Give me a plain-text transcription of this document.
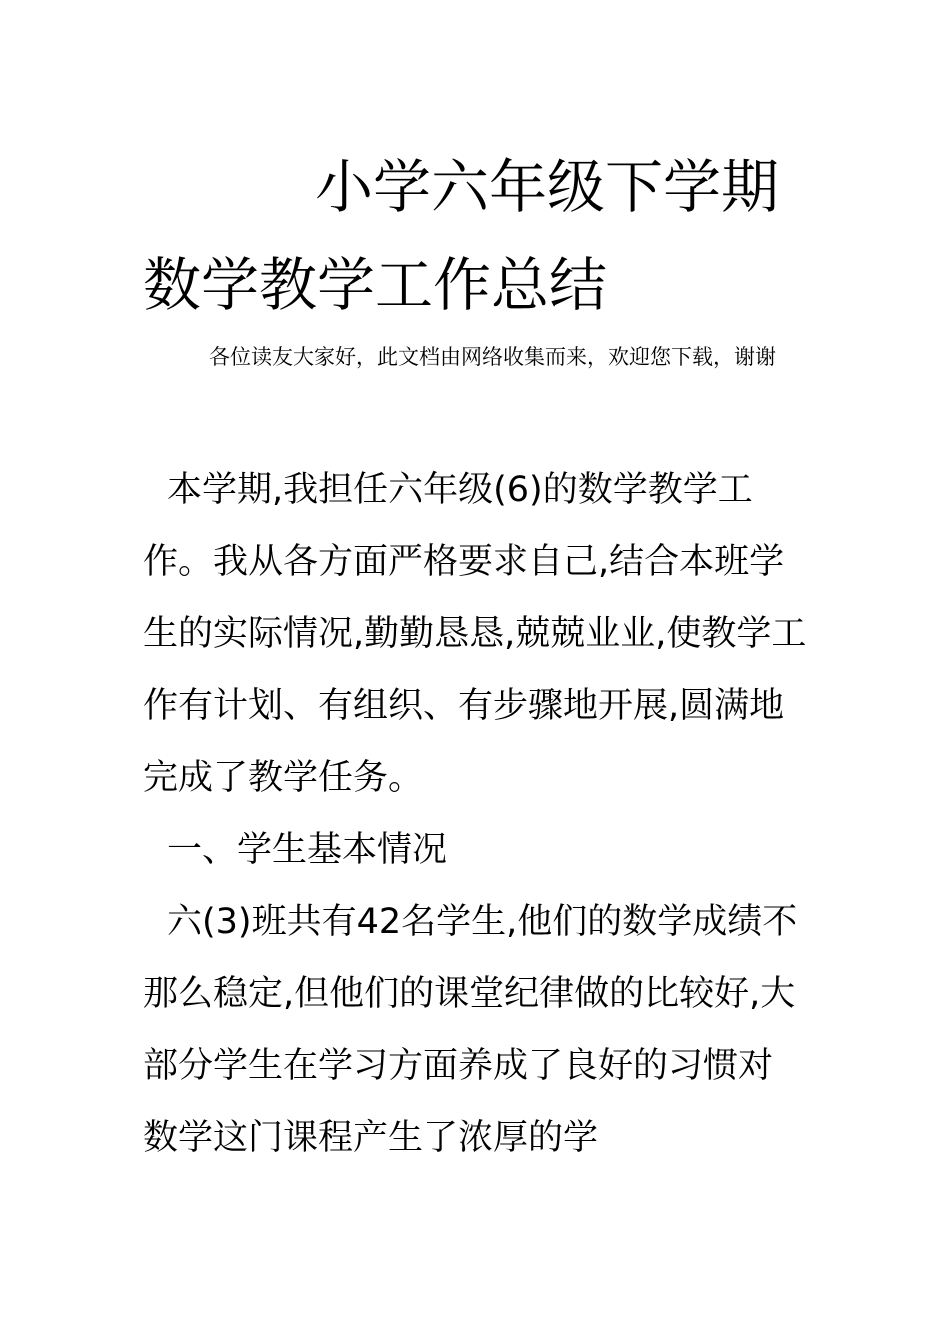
小学六年级下学期数学教学工作总结

各位读友大家好，此文档由网络收集而来，欢迎您下载，谢谢

本学期,我担任六年级(6)的数学教学工作。我从各方面严格要求自己,结合本班学生的实际情况,勤勤恳恳,兢兢业业,使教学工作有计划、有组织、有步骤地开展,圆满地完成了教学任务。

一、学生基本情况

六(3)班共有42名学生,他们的数学成绩不那么稳定,但他们的课堂纪律做的比较好,大部分学生在学习方面养成了良好的习惯对数学这门课程产生了浓厚的学
